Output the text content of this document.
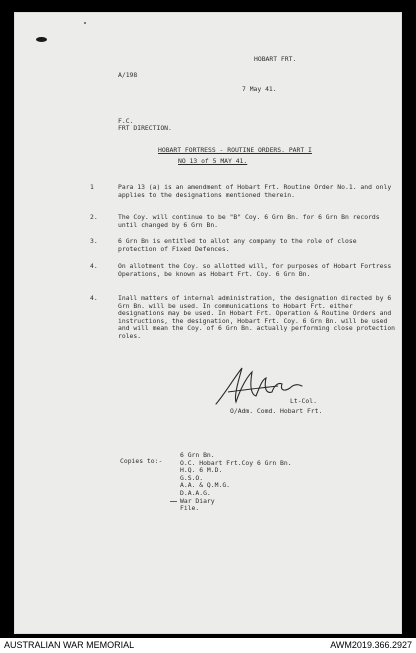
HOBART FRT.
A/198
7 May 41.
F.C.
FRT DIRECTION.
HOBART FORTRESS - ROUTINE ORDERS. PART I
NO 13 of 5 MAY 41.
1	Para 13 (a) is an amendment of Hobart Frt. Routine Order No.1. and only applies to the designations mentioned therein.
2.	The Coy. will continue to be "B" Coy. 6 Grn Bn. for 6 Grn Bn records until changed by 6 Grn Bn.
3.	6 Grn Bn is entitled to allot any company to the role of close protection of Fixed Defences.
4.	On allotment the Coy. so allotted will, for purposes of Hobart Fortress Operations, be known as Hobart Frt. Coy. 6 Grn Bn.
4.	Inall matters of internal administration, the designation directed by 6 Grn Bn. will be used. In communications to Hobart Frt. either designations may be used. In Hobart Frt. Operation & Routine Orders and instructions, the designation, Hobart Frt. Coy. 6 Grn Bn. will be used and will mean the Coy. of 6 Grn Bn. actually performing close protection roles.
Lt-Col.
O/Adm. Comd. Hobart Frt.
Copies to:-
6 Grn Bn.
O.C. Hobart Frt.Coy 6 Grn Bn.
H.Q. 6 M.D.
G.S.O.
A.A. & Q.M.G.
D.A.A.G.
War Diary
File.
AUSTRALIAN WAR MEMORIAL	AWM2019.366.2927
